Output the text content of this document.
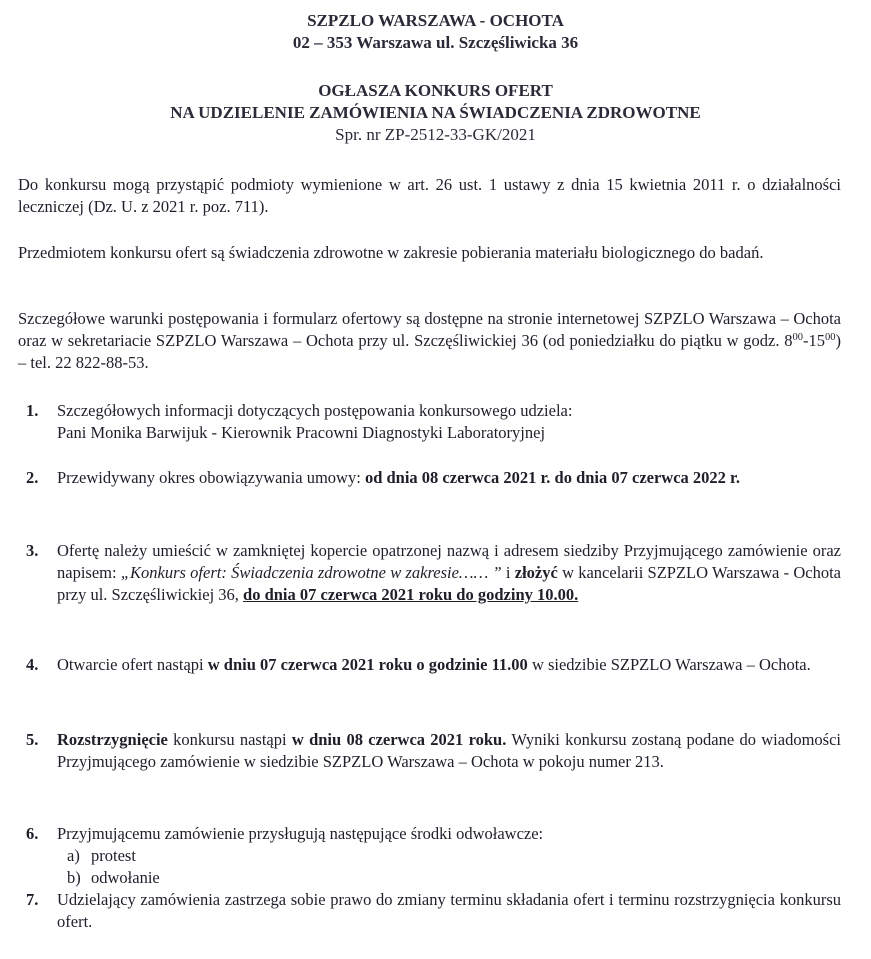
SZPZLO WARSZAWA - OCHOTA
02 – 353 Warszawa ul. Szczęśliwicka 36
OGŁASZA KONKURS OFERT
NA UDZIELENIE ZAMÓWIENIA NA ŚWIADCZENIA ZDROWOTNE
Spr. nr ZP-2512-33-GK/2021
Do konkursu mogą przystąpić podmioty wymienione w art. 26 ust. 1 ustawy z dnia 15 kwietnia 2011 r. o działalności leczniczej (Dz. U. z 2021 r. poz. 711).
Przedmiotem konkursu ofert są świadczenia zdrowotne w zakresie pobierania materiału biologicznego do badań.
Szczegółowe warunki postępowania i formularz ofertowy są dostępne na stronie internetowej SZPZLO Warszawa – Ochota oraz w sekretariacie SZPZLO Warszawa – Ochota przy ul. Szczęśliwickiej 36 (od poniedziałku do piątku w godz. $8^{00}-15^{00}$) – tel. 22 822-88-53.
1.	Szczegółowych informacji dotyczących postępowania konkursowego udziela:
Pani Monika Barwijuk - Kierownik Pracowni Diagnostyki Laboratoryjnej
2.	Przewidywany okres obowiązywania umowy: od dnia 08 czerwca 2021 r. do dnia 07 czerwca 2022 r.
3.	Ofertę należy umieścić w zamkniętej kopercie opatrzonej nazwą i adresem siedziby Przyjmującego zamówienie oraz napisem: „Konkurs ofert: Świadczenia zdrowotne w zakresie…… ” i złożyć w kancelarii SZPZLO Warszawa - Ochota przy ul. Szczęśliwickiej 36, do dnia 07 czerwca 2021 roku do godziny 10.00.
4.	Otwarcie ofert nastąpi w dniu 07 czerwca 2021 roku o godzinie 11.00 w siedzibie SZPZLO Warszawa – Ochota.
5.	Rozstrzygnięcie konkursu nastąpi w dniu 08 czerwca 2021 roku. Wyniki konkursu zostaną podane do wiadomości Przyjmującego zamówienie w siedzibie SZPZLO Warszawa – Ochota w pokoju numer 213.
6.	Przyjmującemu zamówienie przysługują następujące środki odwoławcze:
a) protest
b) odwołanie
7.	Udzielający zamówienia zastrzega sobie prawo do zmiany terminu składania ofert i terminu rozstrzygnięcia konkursu ofert.
